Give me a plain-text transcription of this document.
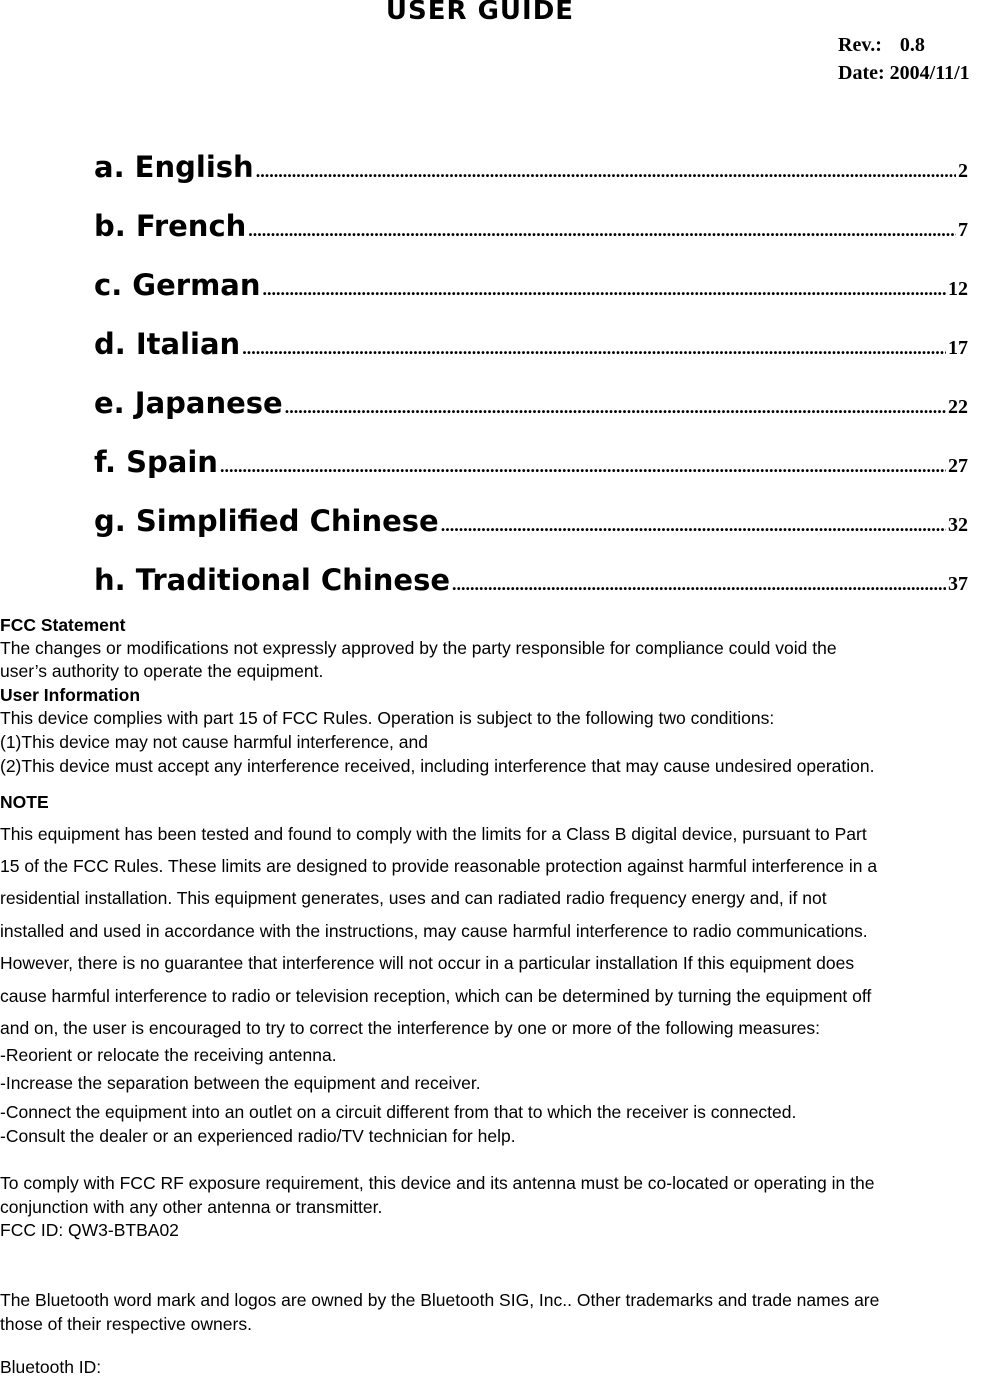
USER GUIDE
Rev.: 0.8
Date: 2004/11/1
a. English .....	2
b. French .....	7
c. German .....	12
d. Italian .....	17
e. Japanese .....	22
f. Spain .....	27
g. Simplified Chinese .....	32
h. Traditional Chinese .....	37
FCC Statement
The changes or modifications not expressly approved by the party responsible for compliance could void the
user’s authority to operate the equipment.
User Information
This device complies with part 15 of FCC Rules. Operation is subject to the following two conditions:
(1)This device may not cause harmful interference, and
(2)This device must accept any interference received, including interference that may cause undesired operation.
NOTE
This equipment has been tested and found to comply with the limits for a Class B digital device, pursuant to Part
15 of the FCC Rules. These limits are designed to provide reasonable protection against harmful interference in a
residential installation. This equipment generates, uses and can radiated radio frequency energy and, if not
installed and used in accordance with the instructions, may cause harmful interference to radio communications.
However, there is no guarantee that interference will not occur in a particular installation If this equipment does
cause harmful interference to radio or television reception, which can be determined by turning the equipment off
and on, the user is encouraged to try to correct the interference by one or more of the following measures:
-Reorient or relocate the receiving antenna.
-Increase the separation between the equipment and receiver.
-Connect the equipment into an outlet on a circuit different from that to which the receiver is connected.
-Consult the dealer or an experienced radio/TV technician for help.
To comply with FCC RF exposure requirement, this device and its antenna must be co-located or operating in the
conjunction with any other antenna or transmitter.
FCC ID: QW3-BTBA02
The Bluetooth word mark and logos are owned by the Bluetooth SIG, Inc.. Other trademarks and trade names are
those of their respective owners.
Bluetooth ID:
